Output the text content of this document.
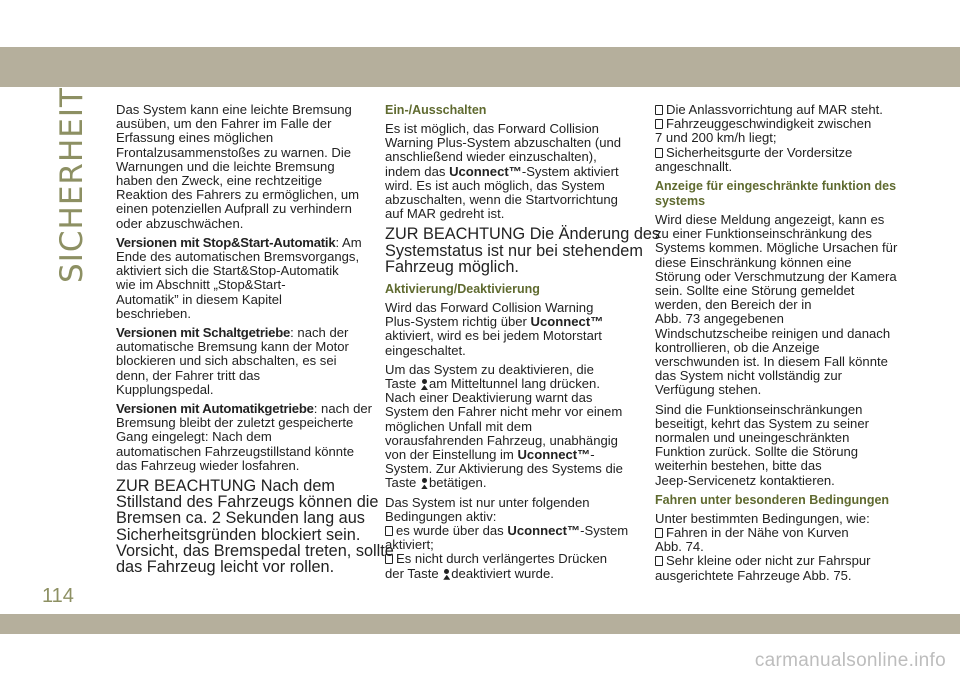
SICHERHEIT Das System kann eine leichte Bremsung
ausüben, um den Fahrer im Falle der
Erfassung eines möglichen
Frontalzusammenstoßes zu warnen. Die
Warnungen und die leichte Bremsung
haben den Zweck, eine rechtzeitige
Reaktion des Fahrers zu ermöglichen, um
einen potenziellen Aufprall zu verhindern
oder abzuschwächen.

Versionen mit Stop&Start-Automatik: Am
Ende des automatischen Bremsvorgangs,
aktiviert sich die Start&Stop-Automatik
wie im Abschnitt „Stop&Start-
Automatik” in diesem Kapitel
beschrieben.

Versionen mit Schaltgetriebe: nach der
automatische Bremsung kann der Motor
blockieren und sich abschalten, es sei
denn, der Fahrer tritt das
Kupplungspedal.

Versionen mit Automatikgetriebe: nach der
Bremsung bleibt der zuletzt gespeicherte
Gang eingelegt: Nach dem
automatischen Fahrzeugstillstand könnte
das Fahrzeug wieder losfahren.

ZUR BEACHTUNG Nach dem
Stillstand des Fahrzeugs können die
Bremsen ca. 2 Sekunden lang aus
Sicherheitsgründen blockiert sein.
Vorsicht, das Bremspedal treten, sollte
das Fahrzeug leicht vor rollen.
Ein-/Ausschalten

Es ist möglich, das Forward Collision
Warning Plus-System abzuschalten (und
anschließend wieder einzuschalten),
indem das Uconnect™-System aktiviert
wird. Es ist auch möglich, das System
abzuschalten, wenn die Startvorrichtung
auf MAR gedreht ist.

ZUR BEACHTUNG Die Änderung des
Systemstatus ist nur bei stehendem
Fahrzeug möglich.
Aktivierung/Deaktivierung

Wird das Forward Collision Warning
Plus-System richtig über Uconnect™
aktiviert, wird es bei jedem Motorstart
eingeschaltet.

Um das System zu deaktivieren, die
Taste am Mitteltunnel lang drücken.
Nach einer Deaktivierung warnt das
System den Fahrer nicht mehr vor einem
möglichen Unfall mit dem
vorausfahrenden Fahrzeug, unabhängig
von der Einstellung im Uconnect™-
System. Zur Aktivierung des Systems die
Taste betätigen.

Das System ist nur unter folgenden
Bedingungen aktiv:
es wurde über das Uconnect™-System
aktiviert;
Es nicht durch verlängertes Drücken
der Taste deaktiviert wurde.

Die Anlassvorrichtung auf MAR steht.
Fahrzeuggeschwindigkeit zwischen
7 und 200 km/h liegt;
Sicherheitsgurte der Vordersitze
angeschnallt.

Anzeige für eingeschränkte funktion des
systems

Wird diese Meldung angezeigt, kann es
zu einer Funktionseinschränkung des
Systems kommen. Mögliche Ursachen für
diese Einschränkung können eine
Störung oder Verschmutzung der Kamera
sein. Sollte eine Störung gemeldet
werden, den Bereich der in
Abb. 73 angegebenen
Windschutzscheibe reinigen und danach
kontrollieren, ob die Anzeige
verschwunden ist. In diesem Fall könnte
das System nicht vollständig zur
Verfügung stehen.

Sind die Funktionseinschränkungen
beseitigt, kehrt das System zu seiner
normalen und uneingeschränkten
Funktion zurück. Sollte die Störung
weiterhin bestehen, bitte das
Jeep-Servicenetz kontaktieren.

Fahren unter besonderen Bedingungen

Unter bestimmten Bedingungen, wie:
Fahren in der Nähe von Kurven
Abb. 74.
Sehr kleine oder nicht zur Fahrspur
ausgerichtete Fahrzeuge Abb. 75.

114
carmanualsonline.info
